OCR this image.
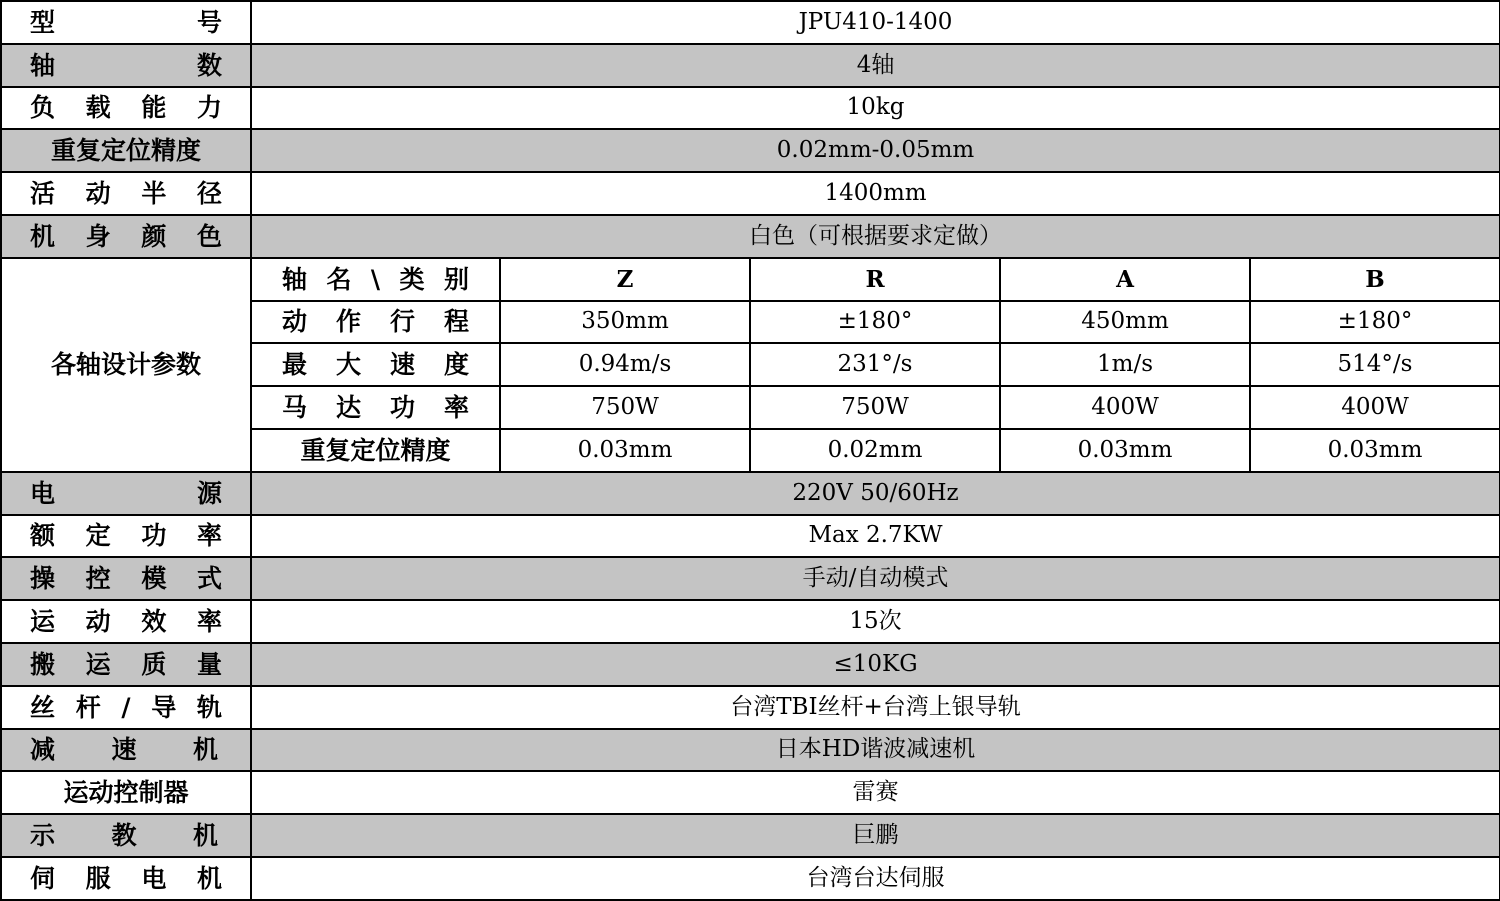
型号	JPU410-1400				
轴数	4轴				
负载能力	10kg				
重复定位精度	0.02mm-0.05mm				
活动半径	1400mm				
机身颜色	白色（可根据要求定做）				
各轴设计参数	轴名\类别	Z	R	A	B
	动作行程	350mm	±180°	450mm	±180°
	最大速度	0.94m/s	231°/s	1m/s	514°/s
	马达功率	750W	750W	400W	400W
	重复定位精度	0.03mm	0.02mm	0.03mm	0.03mm
电源	220V 50/60Hz				
额定功率	Max 2.7KW				
操控模式	手动/自动模式				
运动效率	15次				
搬运质量	≤10KG				
丝杆/导轨	台湾TBI丝杆+台湾上银导轨				
减速机	日本HD谐波减速机				
运动控制器	雷赛				
示教机	巨鹏				
伺服电机	台湾台达伺服				
